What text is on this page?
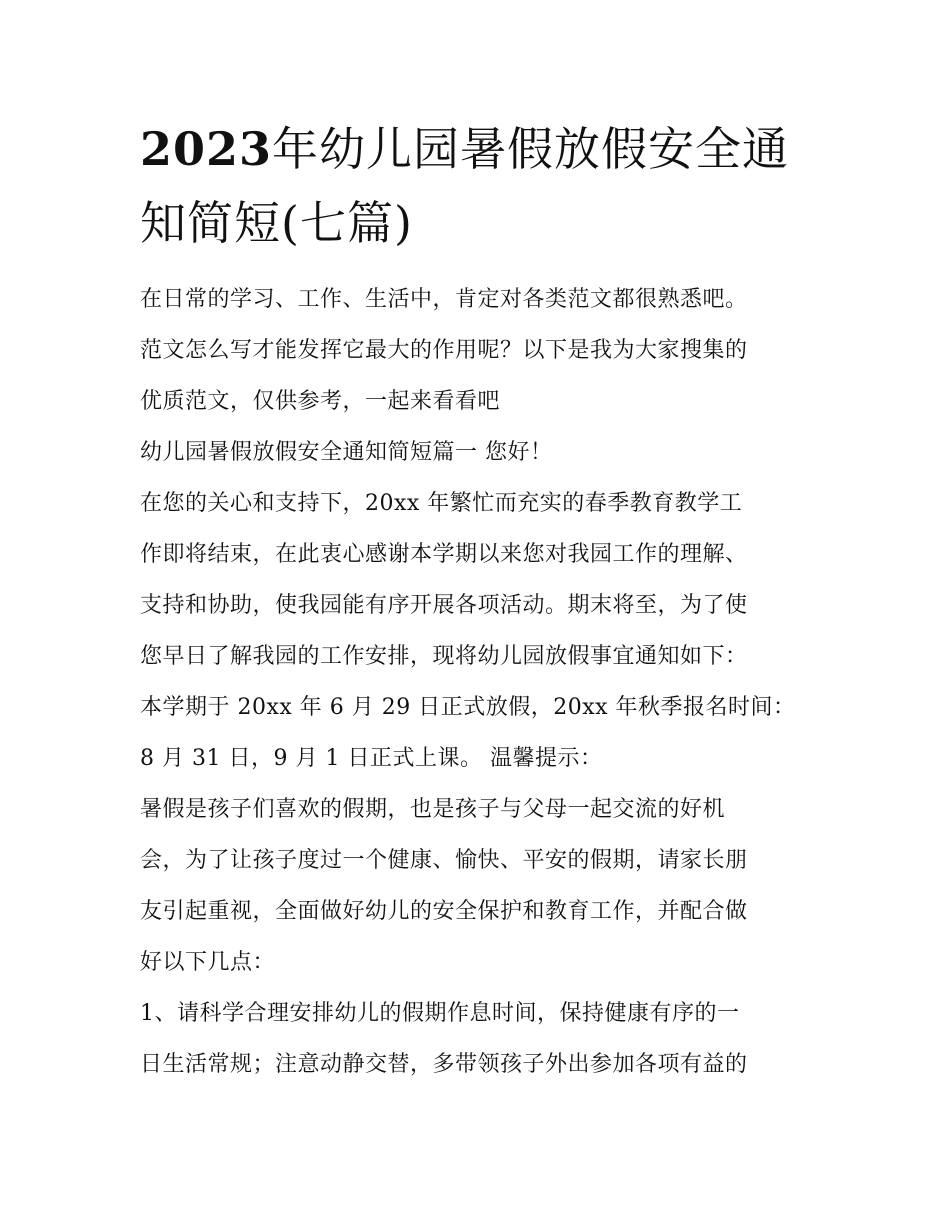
2023年幼儿园暑假放假安全通
知简短(七篇)
在日常的学习、工作、生活中，肯定对各类范文都很熟悉吧。
范文怎么写才能发挥它最大的作用呢？以下是我为大家搜集的
优质范文，仅供参考，一起来看看吧
幼儿园暑假放假安全通知简短篇一 您好！
在您的关心和支持下，20xx 年繁忙而充实的春季教育教学工
作即将结束，在此衷心感谢本学期以来您对我园工作的理解、
支持和协助，使我园能有序开展各项活动。期末将至，为了使
您早日了解我园的工作安排，现将幼儿园放假事宜通知如下：
本学期于 20xx 年 6 月 29 日正式放假，20xx 年秋季报名时间：
8 月 31 日，9 月 1 日正式上课。 温馨提示：
暑假是孩子们喜欢的假期，也是孩子与父母一起交流的好机
会，为了让孩子度过一个健康、愉快、平安的假期，请家长朋
友引起重视，全面做好幼儿的安全保护和教育工作，并配合做
好以下几点：
1、请科学合理安排幼儿的假期作息时间，保持健康有序的一
日生活常规；注意动静交替，多带领孩子外出参加各项有益的
